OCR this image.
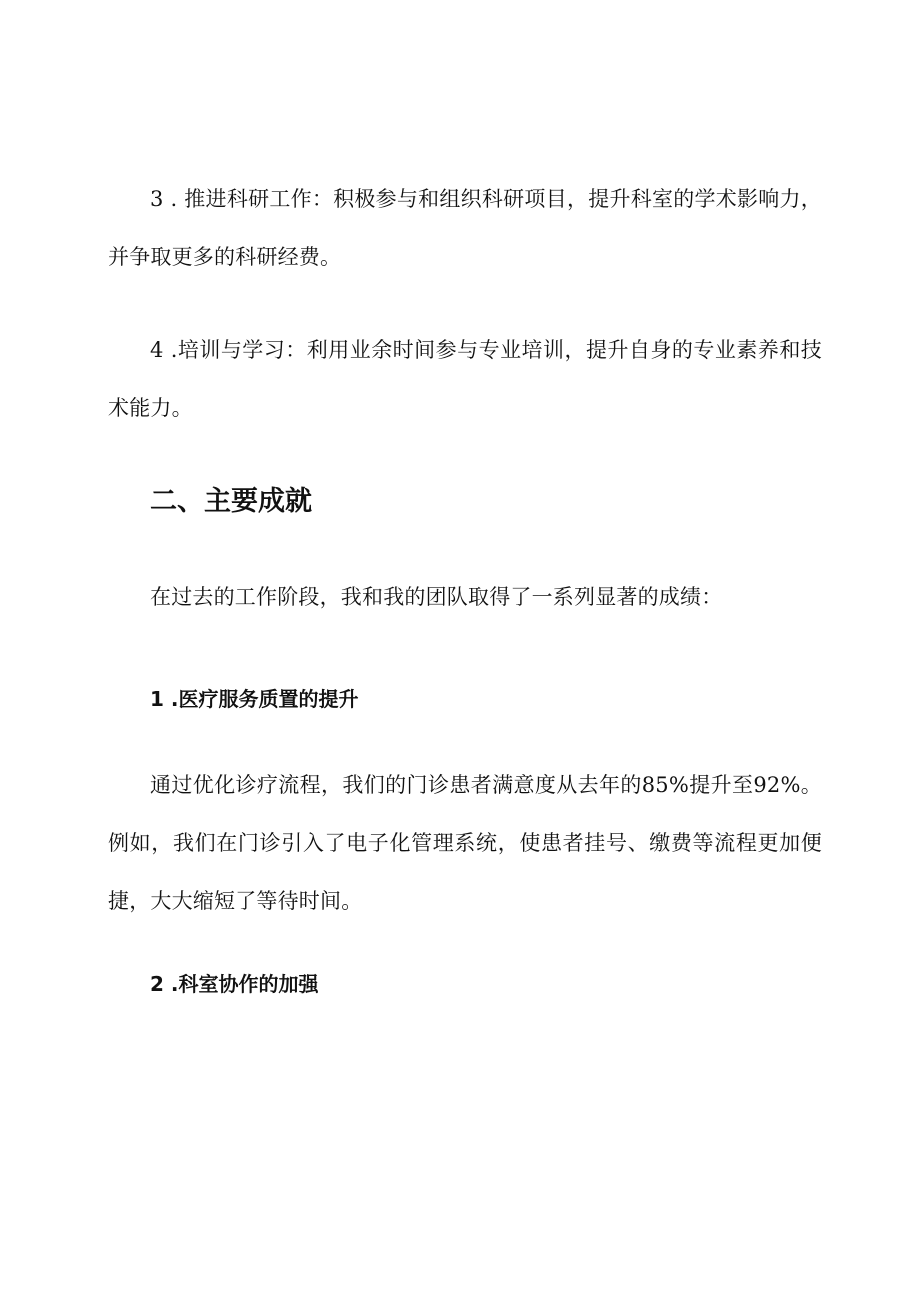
3 . 推进科研工作：积极参与和组织科研项目，提升科室的学术影响力，并争取更多的科研经费。

4 .培训与学习：利用业余时间参与专业培训，提升自身的专业素养和技术能力。

二、主要成就

在过去的工作阶段，我和我的团队取得了一系列显著的成绩：

1 .医疗服务质置的提升

通过优化诊疗流程，我们的门诊患者满意度从去年的85%提升至92%。例如，我们在门诊引入了电子化管理系统，使患者挂号、缴费等流程更加便捷，大大缩短了等待时间。

2 .科室协作的加强
